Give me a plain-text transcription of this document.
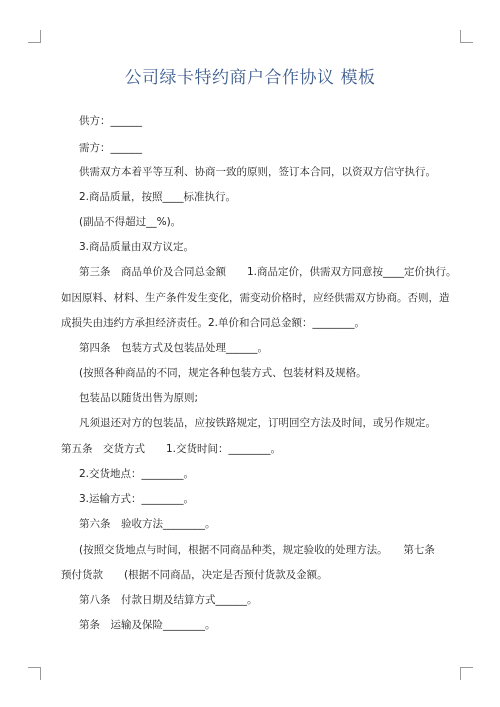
公司绿卡特约商户合作协议 模板
供方：______
需方：______
供需双方本着平等互利、协商一致的原则，签订本合同，以资双方信守执行。
2.商品质量，按照____标准执行。
(副品不得超过__%)。
3.商品质量由双方议定。
第三条　商品单价及合同总金额　　1.商品定价，供需双方同意按____定价执行。
如因原料、材料、生产条件发生变化，需变动价格时，应经供需双方协商。否则，造
成损失由违约方承担经济责任。2.单价和合同总金额：________。
第四条　包装方式及包装品处理______。
(按照各种商品的不同，规定各种包装方式、包装材料及规格。
包装品以随货出售为原则;
凡须退还对方的包装品，应按铁路规定，订明回空方法及时间，或另作规定。
第五条　交货方式　　1.交货时间：________。
2.交货地点：________。
3.运输方式：________。
第六条　验收方法________。
(按照交货地点与时间，根据不同商品种类，规定验收的处理方法。　　第七条
预付货款　　(根据不同商品，决定是否预付货款及金额。
第八条　付款日期及结算方式______。
第条　运输及保险________。
